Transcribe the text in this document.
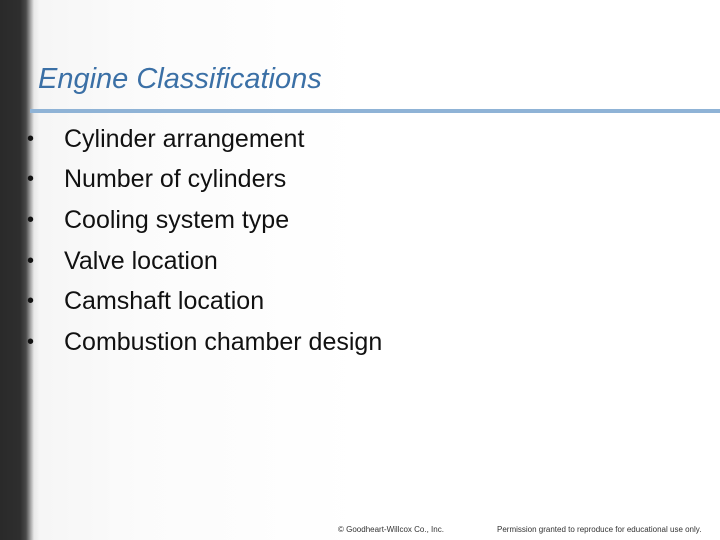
Engine Classifications
•	Cylinder arrangement
•	Number of cylinders
•	Cooling system type
•	Valve location
•	Camshaft location
•	Combustion chamber design
© Goodheart-Willcox Co., Inc.	Permission granted to reproduce for educational use only.
